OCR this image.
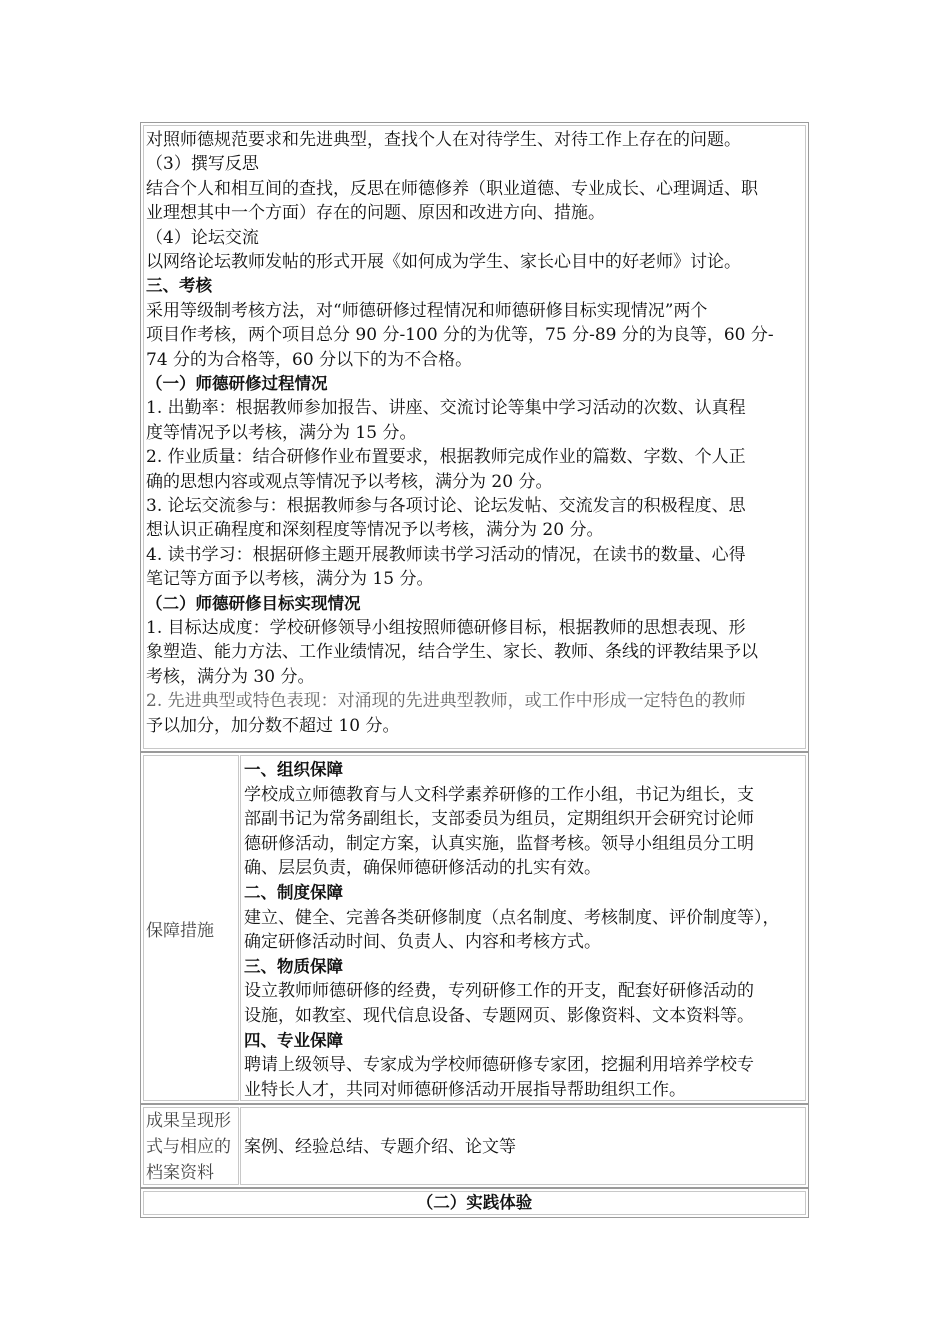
对照师德规范要求和先进典型，查找个人在对待学生、对待工作上存在的问题。
（3）撰写反思
结合个人和相互间的查找，反思在师德修养（职业道德、专业成长、心理调适、职
业理想其中一个方面）存在的问题、原因和改进方向、措施。
（4）论坛交流
以网络论坛教师发帖的形式开展《如何成为学生、家长心目中的好老师》讨论。
三、考核
采用等级制考核方法，对“师德研修过程情况和师德研修目标实现情况”两个
项目作考核，两个项目总分 90 分-100 分的为优等，75 分-89 分的为良等，60 分-
74 分的为合格等，60 分以下的为不合格。
（一）师德研修过程情况
1. 出勤率：根据教师参加报告、讲座、交流讨论等集中学习活动的次数、认真程
度等情况予以考核，满分为 15 分。
2. 作业质量：结合研修作业布置要求，根据教师完成作业的篇数、字数、个人正
确的思想内容或观点等情况予以考核，满分为 20 分。
3. 论坛交流参与：根据教师参与各项讨论、论坛发帖、交流发言的积极程度、思
想认识正确程度和深刻程度等情况予以考核，满分为 20 分。
4. 读书学习：根据研修主题开展教师读书学习活动的情况，在读书的数量、心得
笔记等方面予以考核，满分为 15 分。
（二）师德研修目标实现情况
1. 目标达成度：学校研修领导小组按照师德研修目标，根据教师的思想表现、形
象塑造、能力方法、工作业绩情况，结合学生、家长、教师、条线的评教结果予以
考核，满分为 30 分。
2. 先进典型或特色表现：对涌现的先进典型教师，或工作中形成一定特色的教师
予以加分，加分数不超过 10 分。
保障措施
一、组织保障
学校成立师德教育与人文科学素养研修的工作小组，书记为组长，支
部副书记为常务副组长，支部委员为组员，定期组织开会研究讨论师
德研修活动，制定方案，认真实施，监督考核。领导小组组员分工明
确、层层负责，确保师德研修活动的扎实有效。
二、制度保障
建立、健全、完善各类研修制度（点名制度、考核制度、评价制度等），
确定研修活动时间、负责人、内容和考核方式。
三、物质保障
设立教师师德研修的经费，专列研修工作的开支，配套好研修活动的
设施，如教室、现代信息设备、专题网页、影像资料、文本资料等。
四、专业保障
聘请上级领导、专家成为学校师德研修专家团，挖掘利用培养学校专
业特长人才，共同对师德研修活动开展指导帮助组织工作。
成果呈现形
式与相应的
档案资料
案例、经验总结、专题介绍、论文等
（二）实践体验
